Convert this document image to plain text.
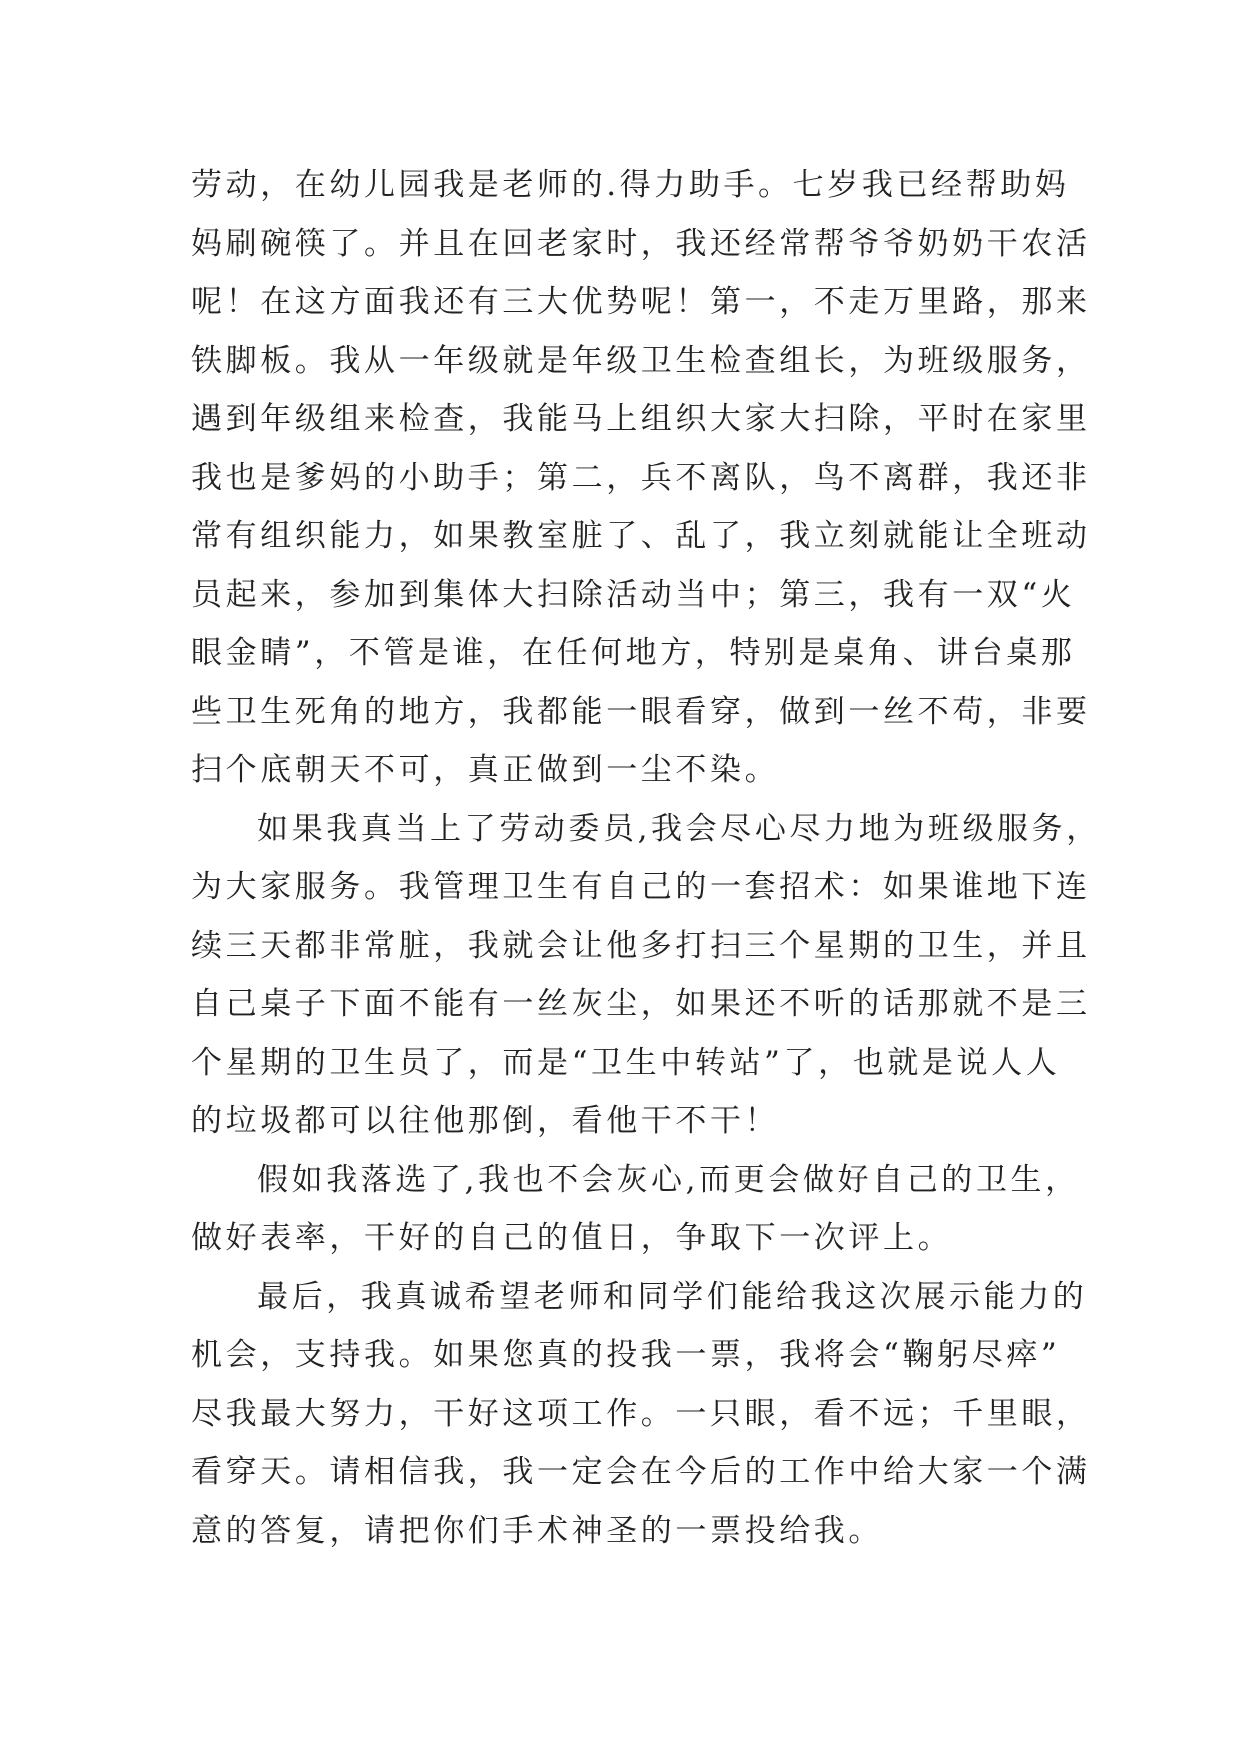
劳动，在幼儿园我是老师的.得力助手。七岁我已经帮助妈
妈刷碗筷了。并且在回老家时，我还经常帮爷爷奶奶干农活
呢！在这方面我还有三大优势呢！第一，不走万里路，那来
铁脚板。我从一年级就是年级卫生检查组长，为班级服务，
遇到年级组来检查，我能马上组织大家大扫除，平时在家里
我也是爹妈的小助手；第二，兵不离队，鸟不离群，我还非
常有组织能力，如果教室脏了、乱了，我立刻就能让全班动
员起来，参加到集体大扫除活动当中；第三，我有一双“火
眼金睛”，不管是谁，在任何地方，特别是桌角、讲台桌那
些卫生死角的地方，我都能一眼看穿，做到一丝不苟，非要
扫个底朝天不可，真正做到一尘不染。
如果我真当上了劳动委员,我会尽心尽力地为班级服务，
为大家服务。我管理卫生有自己的一套招术：如果谁地下连
续三天都非常脏，我就会让他多打扫三个星期的卫生，并且
自己桌子下面不能有一丝灰尘，如果还不听的话那就不是三
个星期的卫生员了，而是“卫生中转站”了，也就是说人人
的垃圾都可以往他那倒，看他干不干！
假如我落选了,我也不会灰心,而更会做好自己的卫生，
做好表率，干好的自己的值日，争取下一次评上。
最后，我真诚希望老师和同学们能给我这次展示能力的
机会，支持我。如果您真的投我一票，我将会“鞠躬尽瘁”
尽我最大努力，干好这项工作。一只眼，看不远；千里眼，
看穿天。请相信我，我一定会在今后的工作中给大家一个满
意的答复，请把你们手术神圣的一票投给我。
